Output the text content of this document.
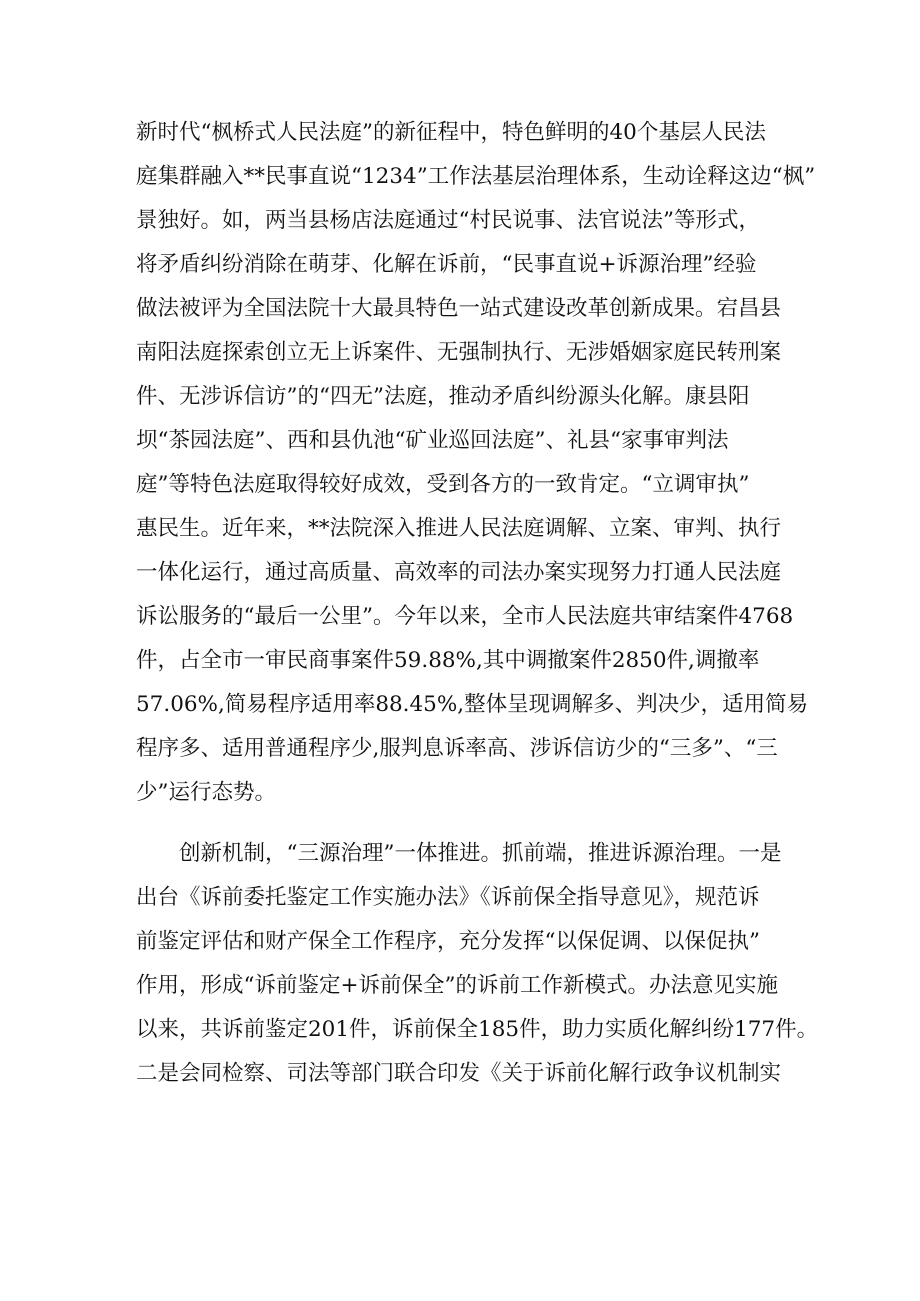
新时代“枫桥式人民法庭”的新征程中，特色鲜明的40个基层人民法
庭集群融入**民事直说“1234”工作法基层治理体系，生动诠释这边“枫”
景独好。如，两当县杨店法庭通过“村民说事、法官说法”等形式，
将矛盾纠纷消除在萌芽、化解在诉前，“民事直说+诉源治理”经验
做法被评为全国法院十大最具特色一站式建设改革创新成果。宕昌县
南阳法庭探索创立无上诉案件、无强制执行、无涉婚姻家庭民转刑案
件、无涉诉信访”的“四无”法庭，推动矛盾纠纷源头化解。康县阳
坝“茶园法庭”、西和县仇池“矿业巡回法庭”、礼县“家事审判法
庭”等特色法庭取得较好成效，受到各方的一致肯定。“立调审执”
惠民生。近年来，**法院深入推进人民法庭调解、立案、审判、执行
一体化运行，通过高质量、高效率的司法办案实现努力打通人民法庭
诉讼服务的“最后一公里”。今年以来，全市人民法庭共审结案件4768
件，占全市一审民商事案件59.88%,其中调撤案件2850件,调撤率
57.06%,简易程序适用率88.45%,整体呈现调解多、判决少，适用简易
程序多、适用普通程序少,服判息诉率高、涉诉信访少的“三多”、“三
少”运行态势。
创新机制，“三源治理”一体推进。抓前端，推进诉源治理。一是
出台《诉前委托鉴定工作实施办法》《诉前保全指导意见》，规范诉
前鉴定评估和财产保全工作程序，充分发挥“以保促调、以保促执”
作用，形成“诉前鉴定+诉前保全”的诉前工作新模式。办法意见实施
以来，共诉前鉴定201件，诉前保全185件，助力实质化解纠纷177件。
二是会同检察、司法等部门联合印发《关于诉前化解行政争议机制实
